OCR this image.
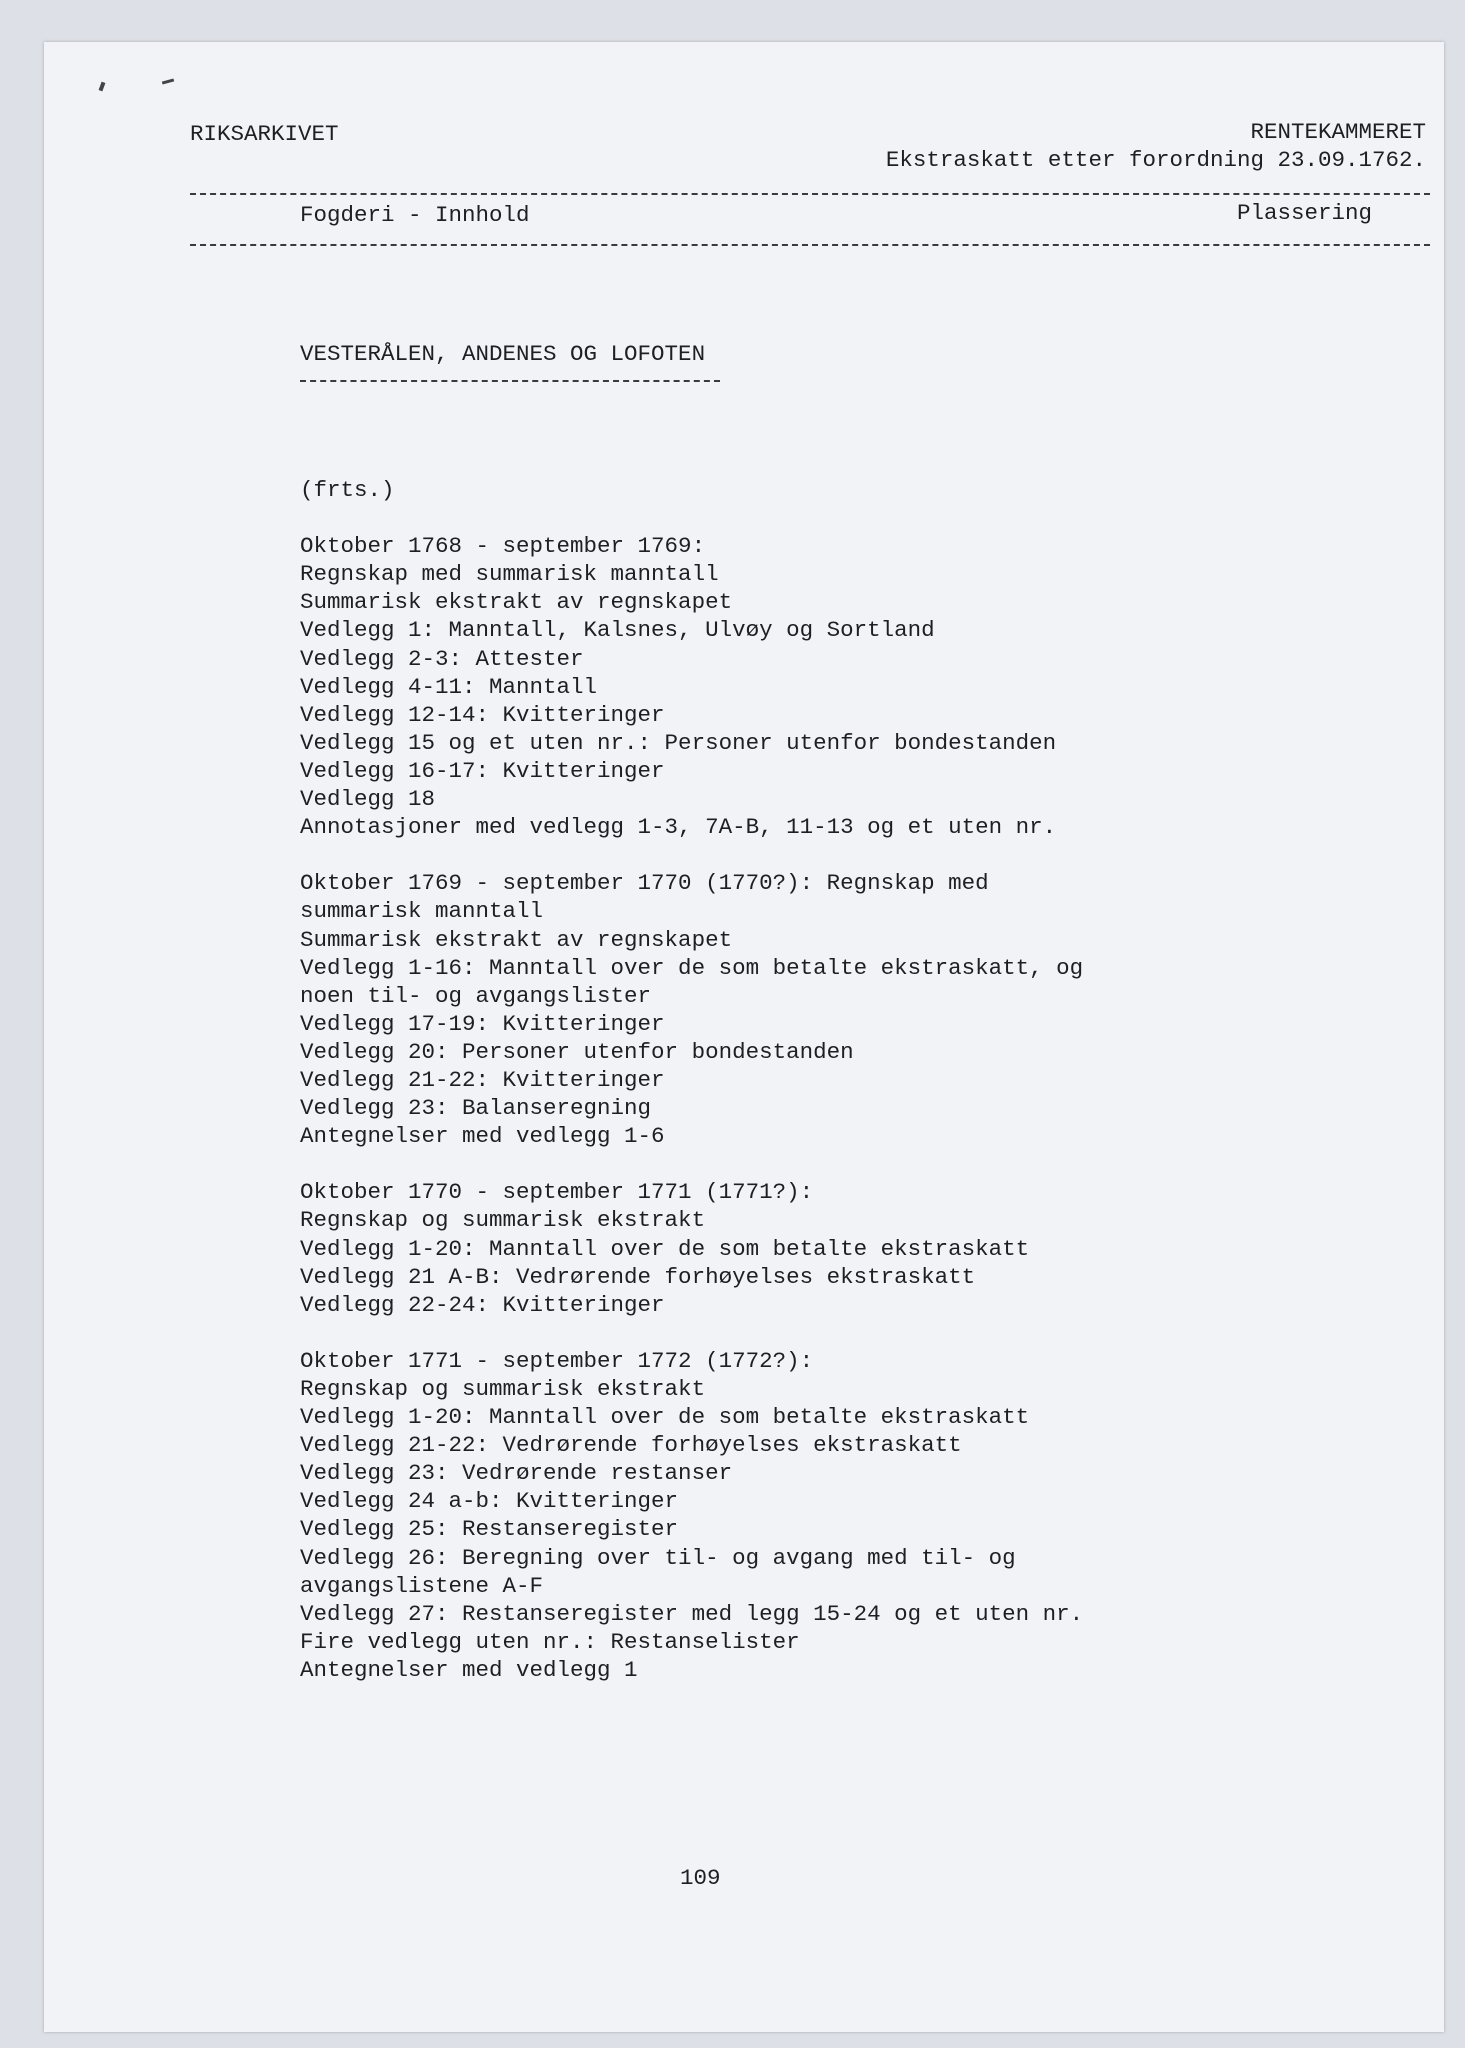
RIKSARKIVET	RENTEKAMMERET
Ekstraskatt etter forordning 23.09.1762.
Fogderi - Innhold	Plassering
VESTERÅLEN, ANDENES OG LOFOTEN
(frts.)
Oktober 1768 - september 1769:
Regnskap med summarisk manntall
Summarisk ekstrakt av regnskapet
Vedlegg 1: Manntall, Kalsnes, Ulvøy og Sortland
Vedlegg 2-3: Attester
Vedlegg 4-11: Manntall
Vedlegg 12-14: Kvitteringer
Vedlegg 15 og et uten nr.: Personer utenfor bondestanden
Vedlegg 16-17: Kvitteringer
Vedlegg 18
Annotasjoner med vedlegg 1-3, 7A-B, 11-13 og et uten nr.
Oktober 1769 - september 1770 (1770?): Regnskap med
summarisk manntall
Summarisk ekstrakt av regnskapet
Vedlegg 1-16: Manntall over de som betalte ekstraskatt, og
noen til- og avgangslister
Vedlegg 17-19: Kvitteringer
Vedlegg 20: Personer utenfor bondestanden
Vedlegg 21-22: Kvitteringer
Vedlegg 23: Balanseregning
Antegnelser med vedlegg 1-6
Oktober 1770 - september 1771 (1771?):
Regnskap og summarisk ekstrakt
Vedlegg 1-20: Manntall over de som betalte ekstraskatt
Vedlegg 21 A-B: Vedrørende forhøyelses ekstraskatt
Vedlegg 22-24: Kvitteringer
Oktober 1771 - september 1772 (1772?):
Regnskap og summarisk ekstrakt
Vedlegg 1-20: Manntall over de som betalte ekstraskatt
Vedlegg 21-22: Vedrørende forhøyelses ekstraskatt
Vedlegg 23: Vedrørende restanser
Vedlegg 24 a-b: Kvitteringer
Vedlegg 25: Restanseregister
Vedlegg 26: Beregning over til- og avgang med til- og
avgangslistene A-F
Vedlegg 27: Restanseregister med legg 15-24 og et uten nr.
Fire vedlegg uten nr.: Restanselister
Antegnelser med vedlegg 1
109
